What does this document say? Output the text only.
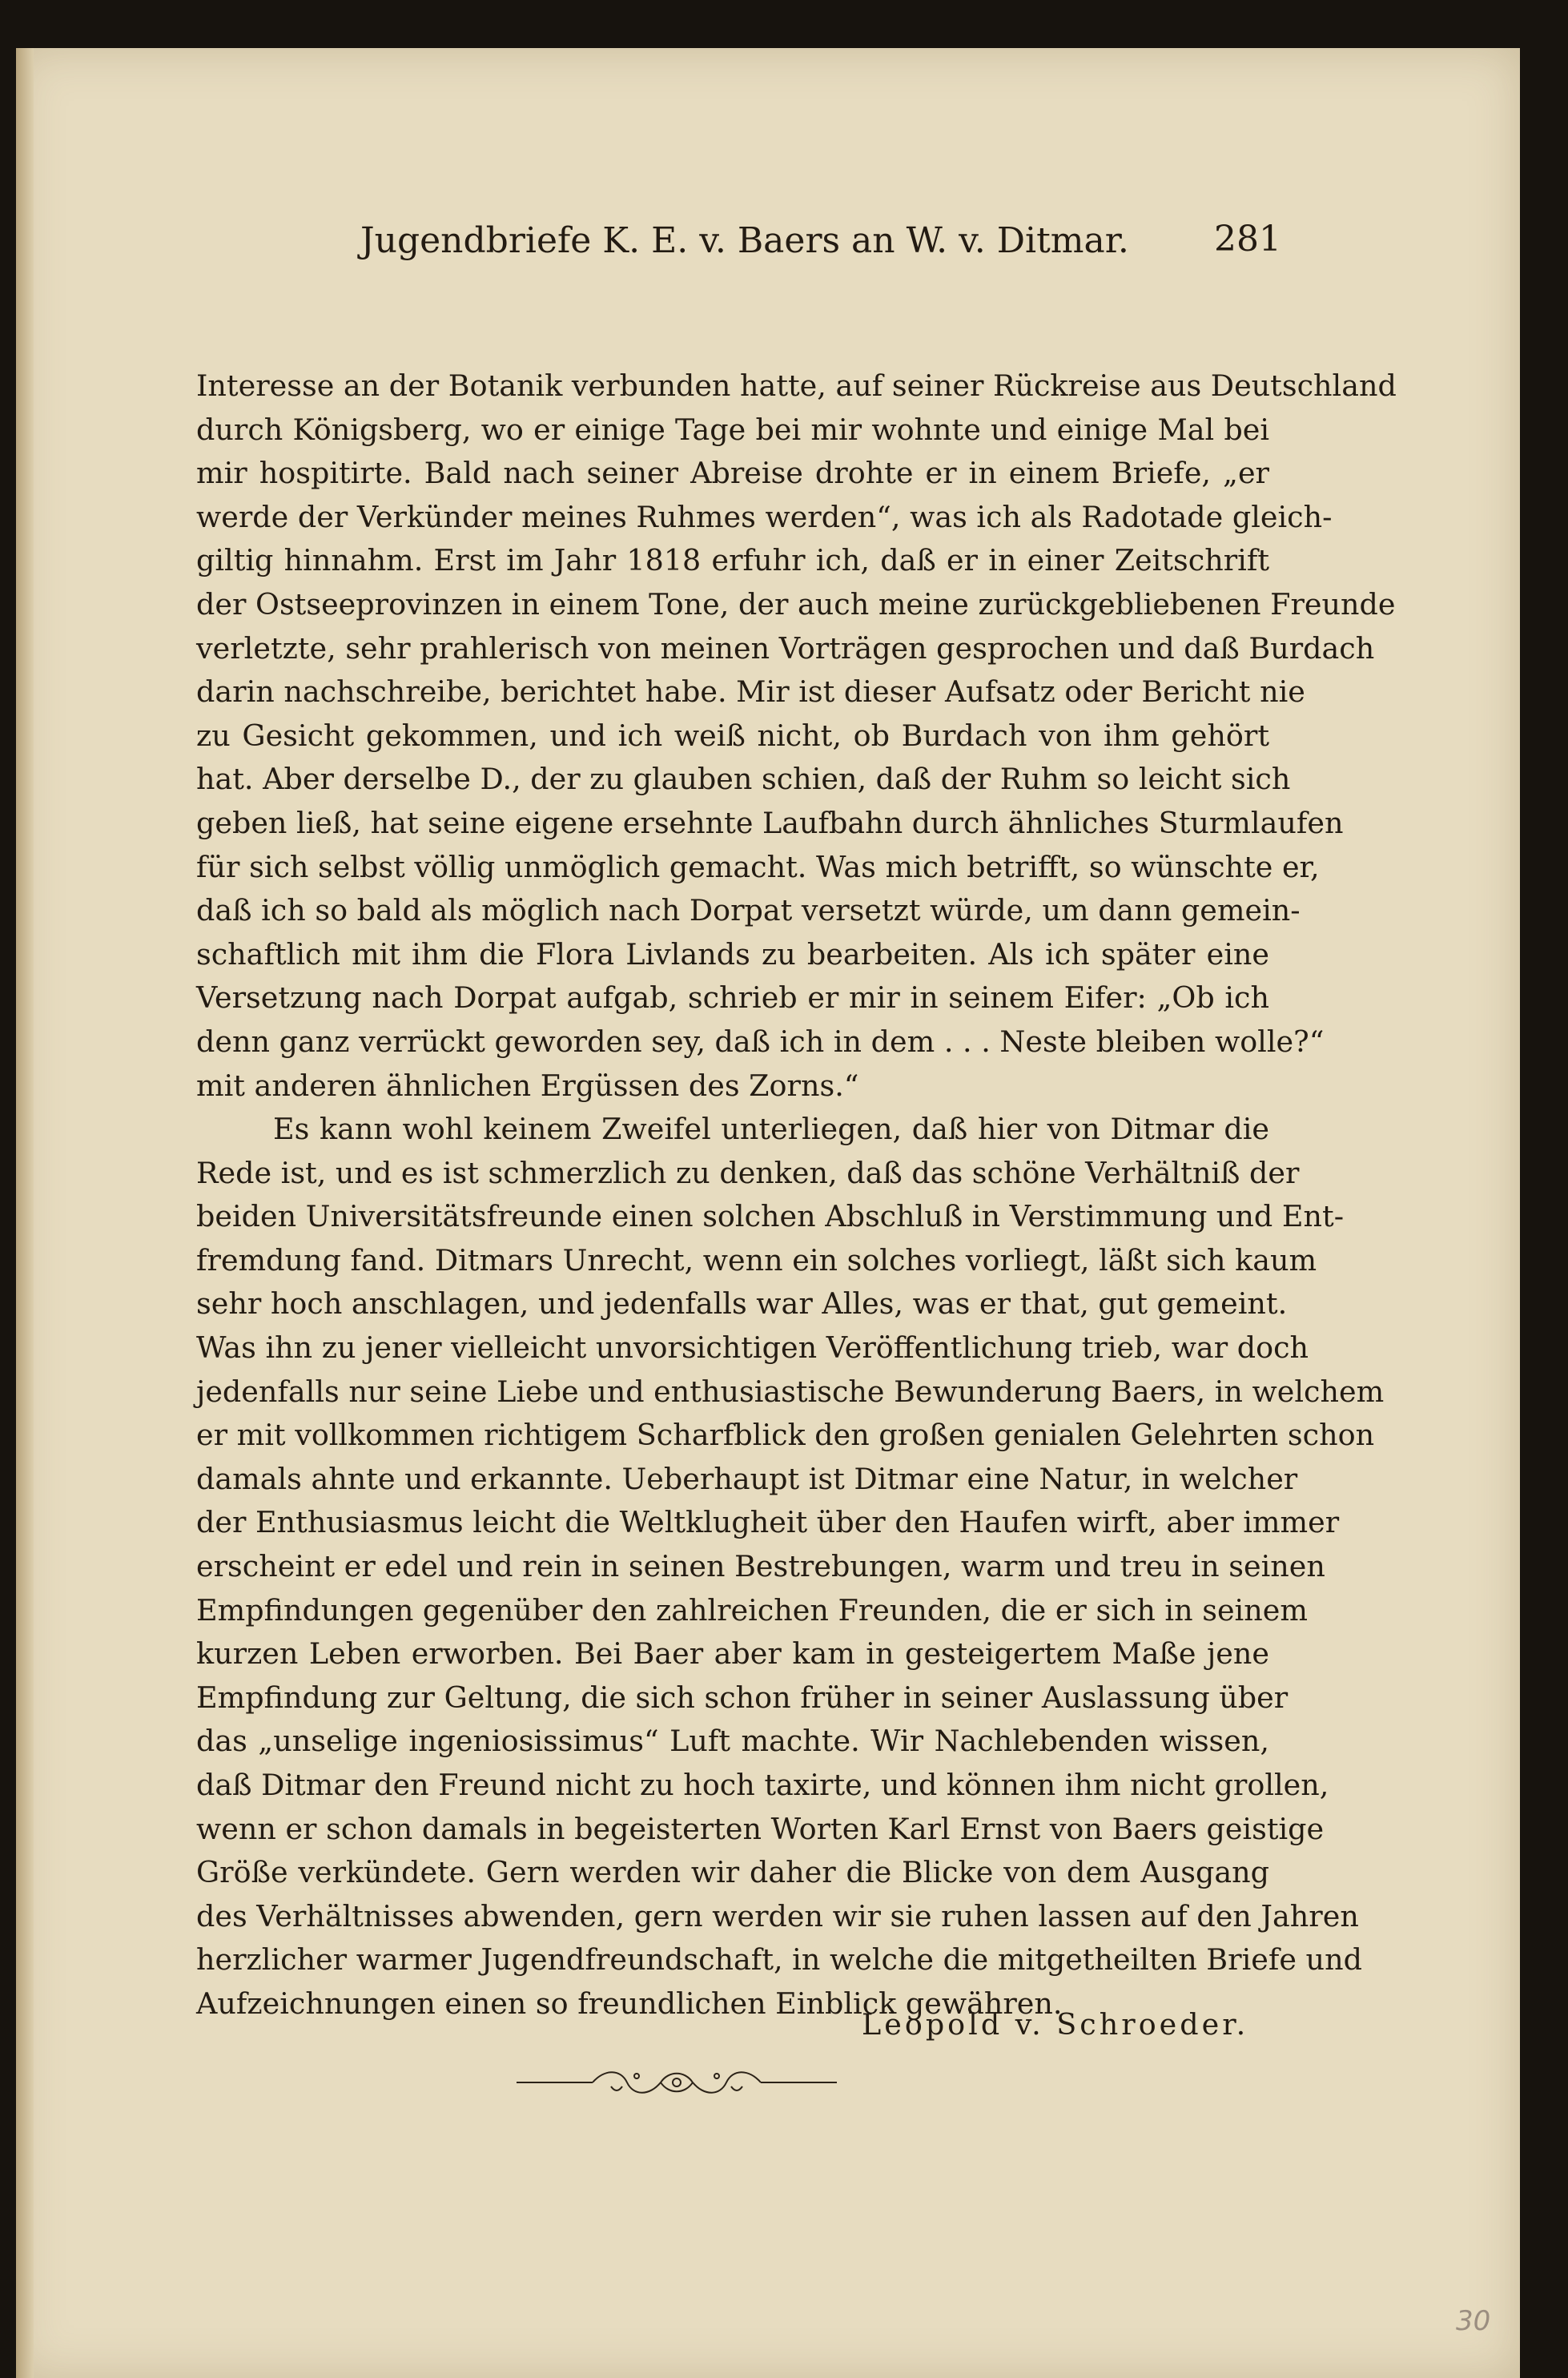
Jugendbriefe K. E. v. Baers an W. v. Ditmar. 281
Interesse an der Botanik verbunden hatte, auf seiner Rückreise aus Deutschland
durch Königsberg, wo er einige Tage bei mir wohnte und einige Mal bei
mir hospitirte. Bald nach seiner Abreise drohte er in einem Briefe, „er
werde der Verkünder meines Ruhmes werden“, was ich als Radotade gleich-
giltig hinnahm. Erst im Jahr 1818 erfuhr ich, daß er in einer Zeitschrift
der Ostseeprovinzen in einem Tone, der auch meine zurückgebliebenen Freunde
verletzte, sehr prahlerisch von meinen Vorträgen gesprochen und daß Burdach
darin nachschreibe, berichtet habe. Mir ist dieser Aufsatz oder Bericht nie
zu Gesicht gekommen, und ich weiß nicht, ob Burdach von ihm gehört
hat. Aber derselbe D., der zu glauben schien, daß der Ruhm so leicht sich
geben ließ, hat seine eigene ersehnte Laufbahn durch ähnliches Sturmlaufen
für sich selbst völlig unmöglich gemacht. Was mich betrifft, so wünschte er,
daß ich so bald als möglich nach Dorpat versetzt würde, um dann gemein-
schaftlich mit ihm die Flora Livlands zu bearbeiten. Als ich später eine
Versetzung nach Dorpat aufgab, schrieb er mir in seinem Eifer: „Ob ich
denn ganz verrückt geworden sey, daß ich in dem . . . Neste bleiben wolle?“
mit anderen ähnlichen Ergüssen des Zorns.“
Es kann wohl keinem Zweifel unterliegen, daß hier von Ditmar die
Rede ist, und es ist schmerzlich zu denken, daß das schöne Verhältniß der
beiden Universitätsfreunde einen solchen Abschluß in Verstimmung und Ent-
fremdung fand. Ditmars Unrecht, wenn ein solches vorliegt, läßt sich kaum
sehr hoch anschlagen, und jedenfalls war Alles, was er that, gut gemeint.
Was ihn zu jener vielleicht unvorsichtigen Veröffentlichung trieb, war doch
jedenfalls nur seine Liebe und enthusiastische Bewunderung Baers, in welchem
er mit vollkommen richtigem Scharfblick den großen genialen Gelehrten schon
damals ahnte und erkannte. Ueberhaupt ist Ditmar eine Natur, in welcher
der Enthusiasmus leicht die Weltklugheit über den Haufen wirft, aber immer
erscheint er edel und rein in seinen Bestrebungen, warm und treu in seinen
Empfindungen gegenüber den zahlreichen Freunden, die er sich in seinem
kurzen Leben erworben. Bei Baer aber kam in gesteigertem Maße jene
Empfindung zur Geltung, die sich schon früher in seiner Auslassung über
das „unselige ingeniosissimus“ Luft machte. Wir Nachlebenden wissen,
daß Ditmar den Freund nicht zu hoch taxirte, und können ihm nicht grollen,
wenn er schon damals in begeisterten Worten Karl Ernst von Baers geistige
Größe verkündete. Gern werden wir daher die Blicke von dem Ausgang
des Verhältnisses abwenden, gern werden wir sie ruhen lassen auf den Jahren
herzlicher warmer Jugendfreundschaft, in welche die mitgetheilten Briefe und
Aufzeichnungen einen so freundlichen Einblick gewähren.
Leopold v. Schroeder.
30
